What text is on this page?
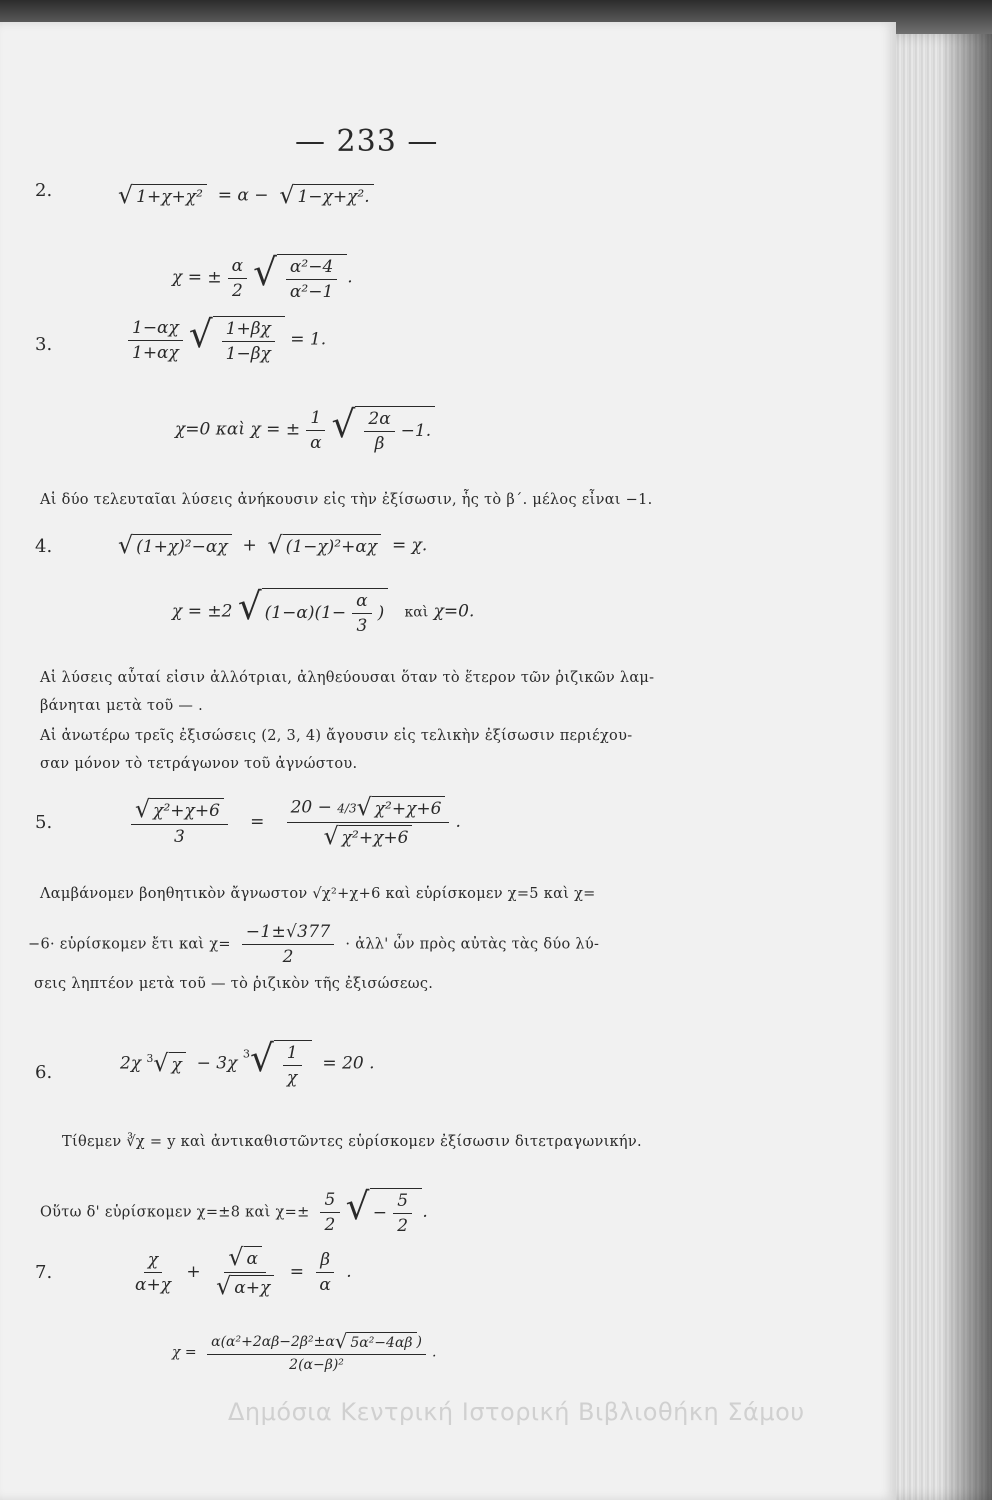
— 233 —
2.	√ 1+χ+χ² = α − √ 1−χ+χ².
χ = ± $\frac{\alpha}{2}$ √ $\frac{\text{α²−4}}{\text{α²−1}}$ .
3.	$\frac{1-\alpha\chi}{1+\alpha\chi}$ √ $\frac{1+\beta\chi}{1-\beta\chi} = 1$.
χ=0 καὶ χ = ± $\frac{1}{\alpha}$ √ $\frac{2\alpha}{\beta} -1$.
Αἱ δύο τελευταῖαι λύσεις ἀνήκουσιν εἰς τὴν ἐξίσωσιν, ἧς τὸ β΄. μέλος εἶναι −1.
4.	√ (1+χ)²−αχ + √ (1−χ)²+αχ = χ.
χ = ±2 √ $(1-\alpha)(1- \frac{\alpha}{3}$ ) καὶ χ=0.
Αἱ λύσεις αὗταί εἰσιν ἀλλότριαι, ἀληθεύουσαι ὅταν τὸ ἕτερον τῶν ῥιζικῶν λαμ-
βάνηται μετὰ τοῦ — .
Αἱ ἀνωτέρω τρεῖς ἐξισώσεις (2, 3, 4) ἄγουσιν εἰς τελικὴν ἐξίσωσιν περιέχου-
σαν μόνον τὸ τετράγωνον τοῦ ἀγνώστου.
5.	$\frac{\text{√ χ²+χ+6}}{3} = \frac{\text{20 − 4/3 √ χ²+χ+6}}{\text{√ χ²+χ+6}}$ .
Λαμβάνομεν βοηθητικὸν ἄγνωστον √χ²+χ+6 καὶ εὑρίσκομεν χ=5 καὶ χ=
−6· εὑρίσκομεν ἔτι καὶ $\chi= \frac{-1\pm√377}{2}$ · ἀλλ' ὧν πρὸς αὐτὰς τὰς δύο λύ-
σεις ληπτέον μετὰ τοῦ — τὸ ῥιζικὸν τῆς ἐξισώσεως.
6.	2χ $^3$√ χ − 3χ $^3√ \frac{1}{\chi} = 20$ .
Τίθεμεν ∛χ = y καὶ ἀντικαθιστῶντες εὑρίσκομεν ἐξίσωσιν διτετραγωνικήν.
Οὕτω δ' εὑρίσκομεν χ=±8 καὶ $\chi=\pm \frac{5}{2}$ √ − $\frac{5}{2}$ .
7.	$\frac{\chi}{\alpha+\chi} + \frac{√ \alpha}{√ \alpha+\chi} = \frac{\beta}{\alpha}$ .
$\chi = \frac{\text{α(α²+2αβ−2β²±α √ 5α²−4αβ )}}{\text{2(α−β)²}}$ .
Δημόσια Κεντρική Ιστορική Βιβλιοθήκη Σάμου
